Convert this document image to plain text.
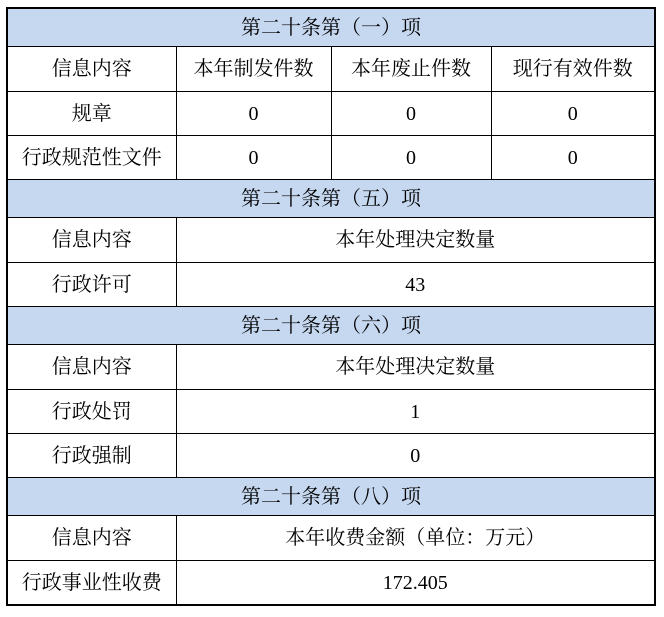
第二十条第（一）项			
信息内容	本年制发件数	本年废止件数	现行有效件数
规章	0	0	0
行政规范性文件	0	0	0
第二十条第（五）项			
信息内容	本年处理决定数量		
行政许可	43		
第二十条第（六）项			
信息内容	本年处理决定数量		
行政处罚	1		
行政强制	0		
第二十条第（八）项			
信息内容	本年收费金额（单位：万元）		
行政事业性收费	172.405		
